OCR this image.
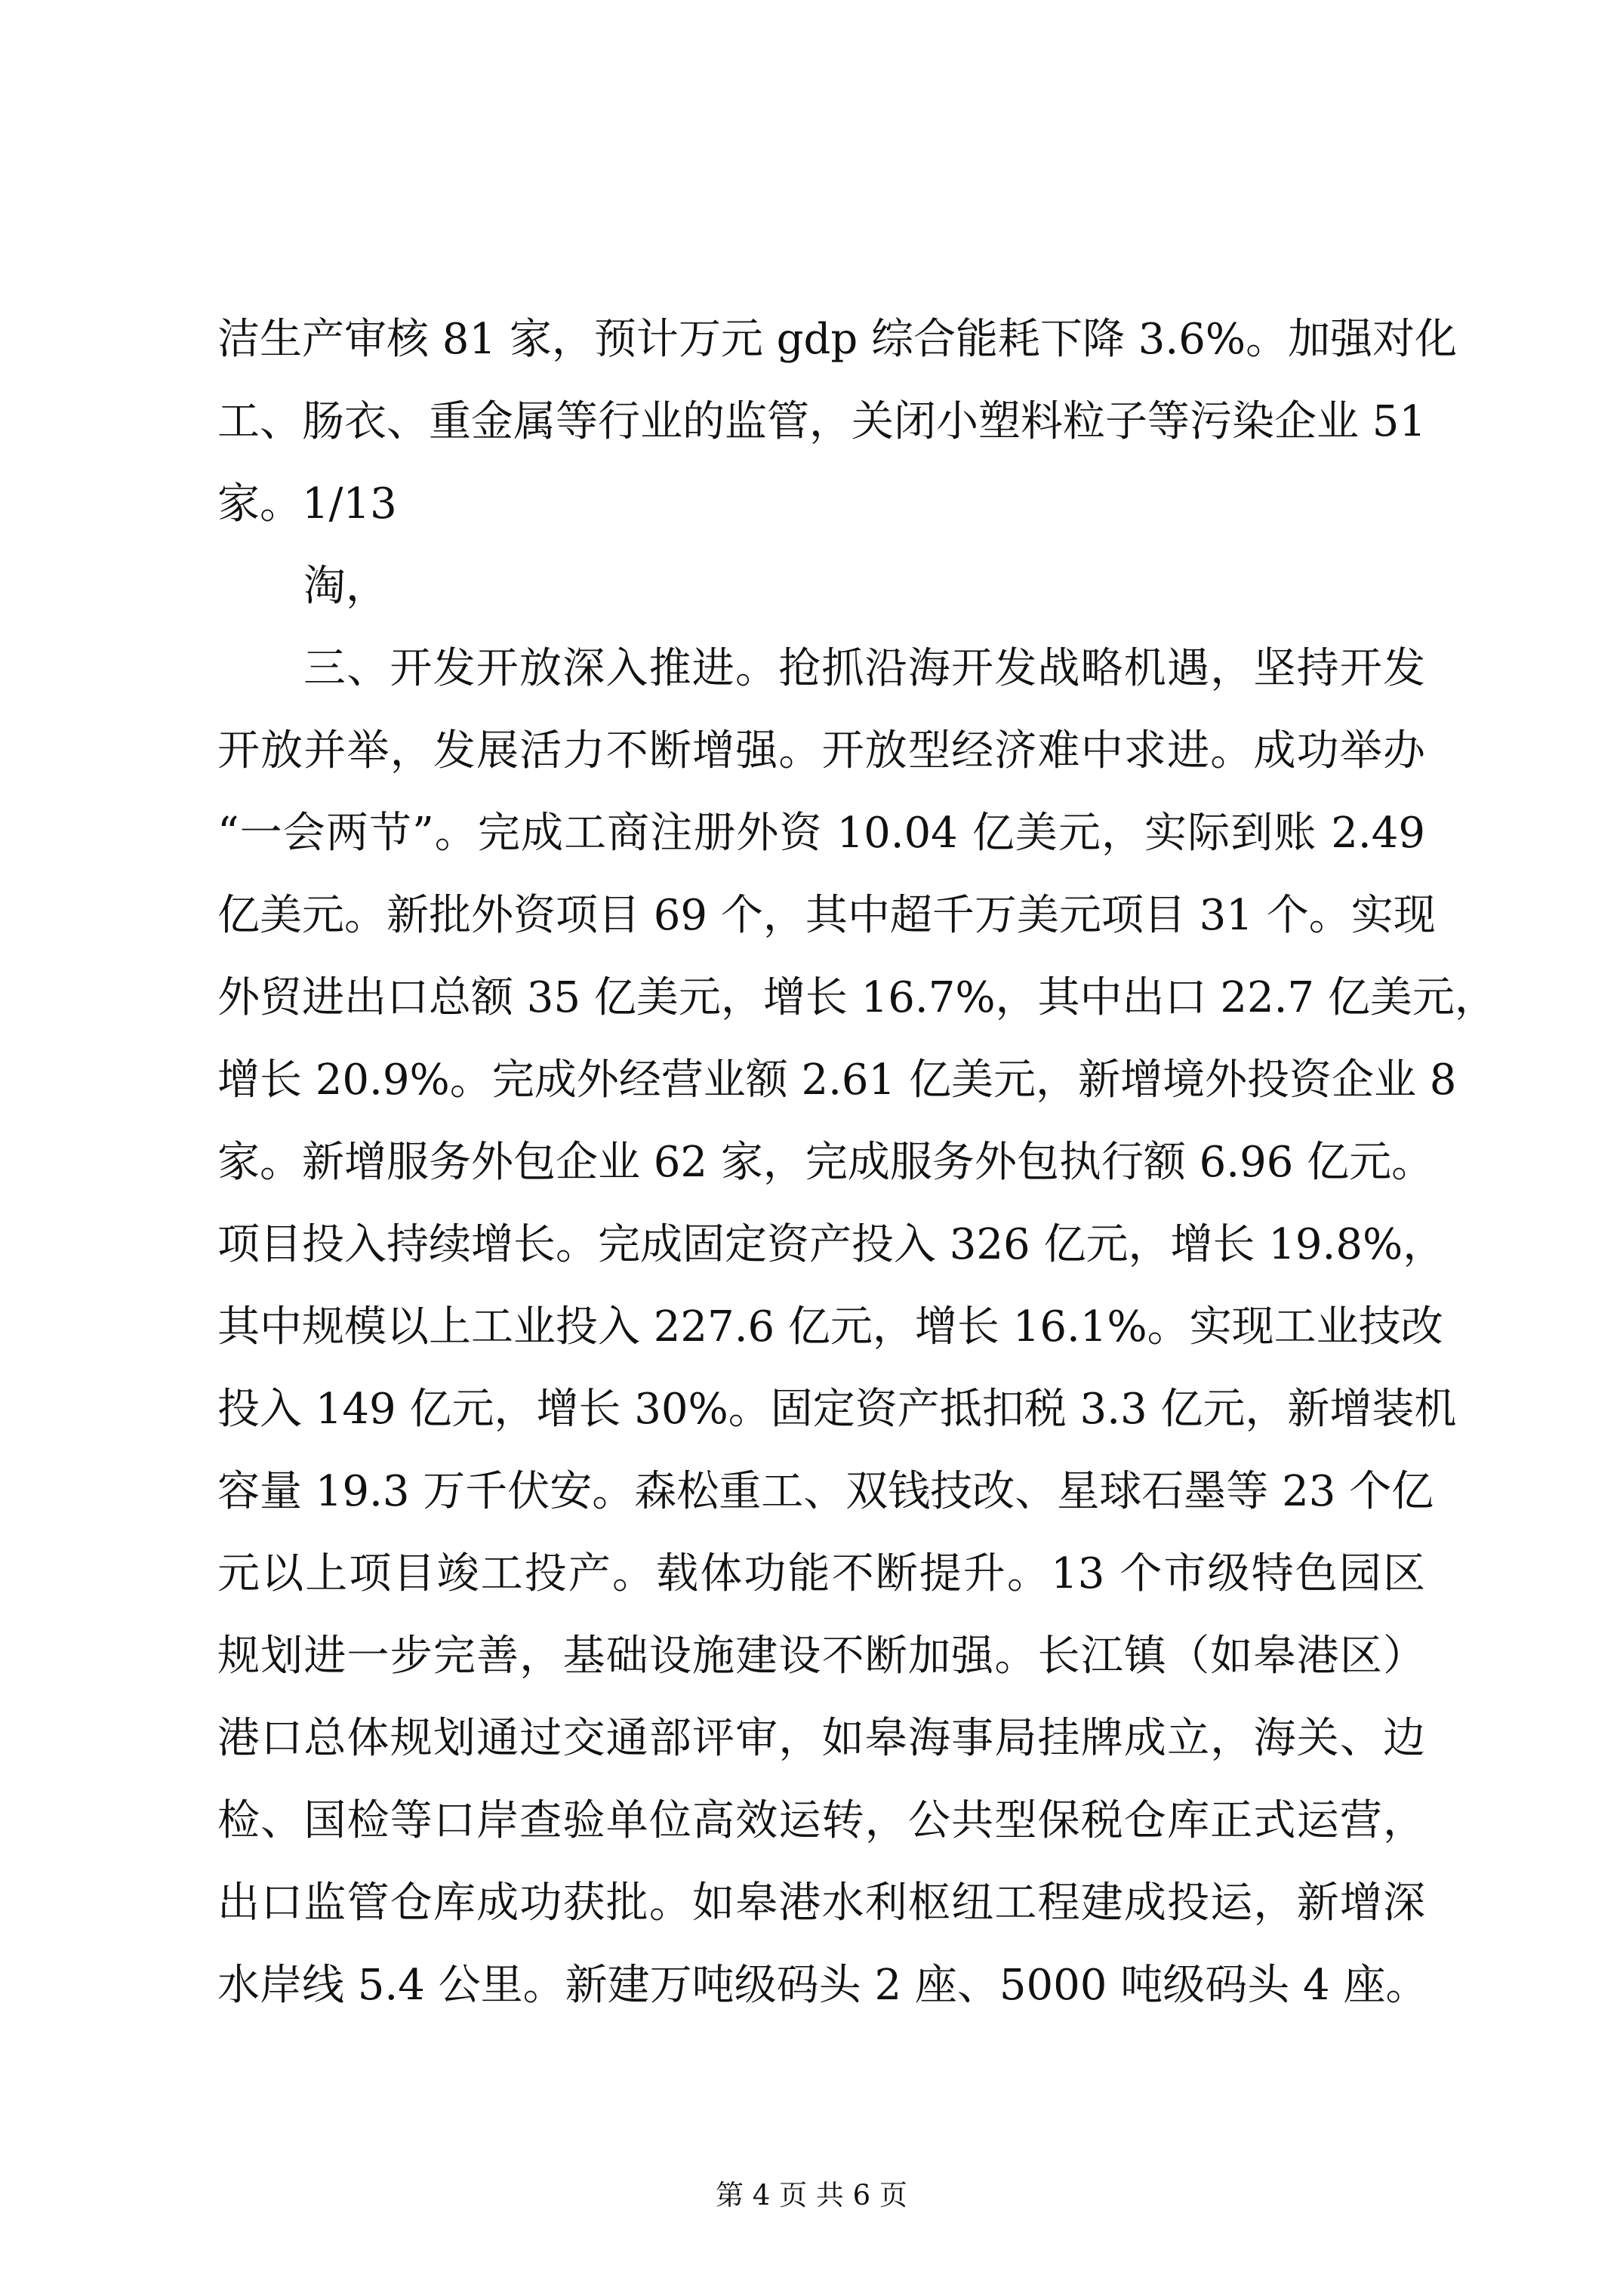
洁生产审核 81 家，预计万元 gdp 综合能耗下降 3.6%。加强对化
工、肠衣、重金属等行业的监管，关闭小塑料粒子等污染企业 51
家。1/13
淘，
三、开发开放深入推进。抢抓沿海开发战略机遇，坚持开发
开放并举，发展活力不断增强。开放型经济难中求进。成功举办
“一会两节”。完成工商注册外资 10.04 亿美元，实际到账 2.49
亿美元。新批外资项目 69 个，其中超千万美元项目 31 个。实现
外贸进出口总额 35 亿美元，增长 16.7%，其中出口 22.7 亿美元，
增长 20.9%。完成外经营业额 2.61 亿美元，新增境外投资企业 8
家。新增服务外包企业 62 家，完成服务外包执行额 6.96 亿元。
项目投入持续增长。完成固定资产投入 326 亿元，增长 19.8%，
其中规模以上工业投入 227.6 亿元，增长 16.1%。实现工业技改
投入 149 亿元，增长 30%。固定资产抵扣税 3.3 亿元，新增装机
容量 19.3 万千伏安。森松重工、双钱技改、星球石墨等 23 个亿
元以上项目竣工投产。载体功能不断提升。13 个市级特色园区
规划进一步完善，基础设施建设不断加强。长江镇（如皋港区）
港口总体规划通过交通部评审，如皋海事局挂牌成立，海关、边
检、国检等口岸查验单位高效运转，公共型保税仓库正式运营，
出口监管仓库成功获批。如皋港水利枢纽工程建成投运，新增深
水岸线 5.4 公里。新建万吨级码头 2 座、5000 吨级码头 4 座。
第 4 页 共 6 页
